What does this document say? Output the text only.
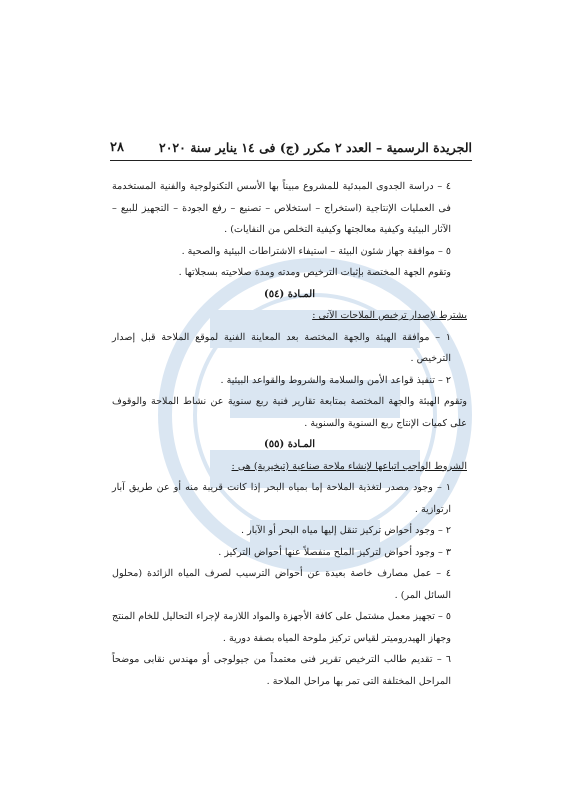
الجريدة الرسمية – العدد ٢ مكرر (ج) فى ١٤ يناير سنة ٢٠٢٠
٢٨

٤ – دراسة الجدوى المبدئية للمشروع مبيناً بها الأسس التكنولوجية والفنية المستخدمة فى العمليات الإنتاجية (استخراج – استخلاص – تصنيع – رفع الجودة – التجهيز للبيع – الآثار البيئية وكيفية معالجتها وكيفية التخلص من النفايات) .

٥ – موافقة جهاز شئون البيئة – استيفاء الاشتراطات البيئية والصحية .

وتقوم الجهة المختصة بإثبات الترخيص ومدته ومدة صلاحيته بسجلاتها .

المـادة (٥٤)

يشترط لإصدار ترخيص الملاحات الآتى :

١ – موافقة الهيئة والجهة المختصة بعد المعاينة الفنية لموقع الملاحة قبل إصدار الترخيص .

٢ – تنفيذ قواعد الأمن والسلامة والشروط والقواعد البيئية .

وتقوم الهيئة والجهة المختصة بمتابعة تقارير فنية ربع سنوية عن نشاط الملاحة والوقوف على كميات الإنتاج ربع السنوية والسنوية .

المـادة (٥٥)

الشروط الواجب اتباعها لإنشاء ملاحة صناعية (تبخيرية) هى :

١ – وجود مصدر لتغذية الملاحة إما بمياه البحر إذا كانت قريبة منه أو عن طريق آبار ارتوازية .

٢ – وجود أحواض تركيز تنقل إليها مياه البحر أو الآبار .

٣ – وجود أحواض لتركيز الملح منفصلاً عنها أحواض التركيز .

٤ – عمل مصارف خاصة بعيدة عن أحواض الترسيب لصرف المياه الزائدة (محلول السائل المر) .

٥ – تجهيز معمل مشتمل على كافة الأجهزة والمواد اللازمة لإجراء التحاليل للخام المنتج وجهاز الهيدروميتر لقياس تركيز ملوحة المياه بصفة دورية .

٦ – تقديم طالب الترخيص تقرير فنى معتمداً من جيولوجى أو مهندس نقابى موضحاً المراحل المختلفة التى تمر بها مراحل الملاحة .
